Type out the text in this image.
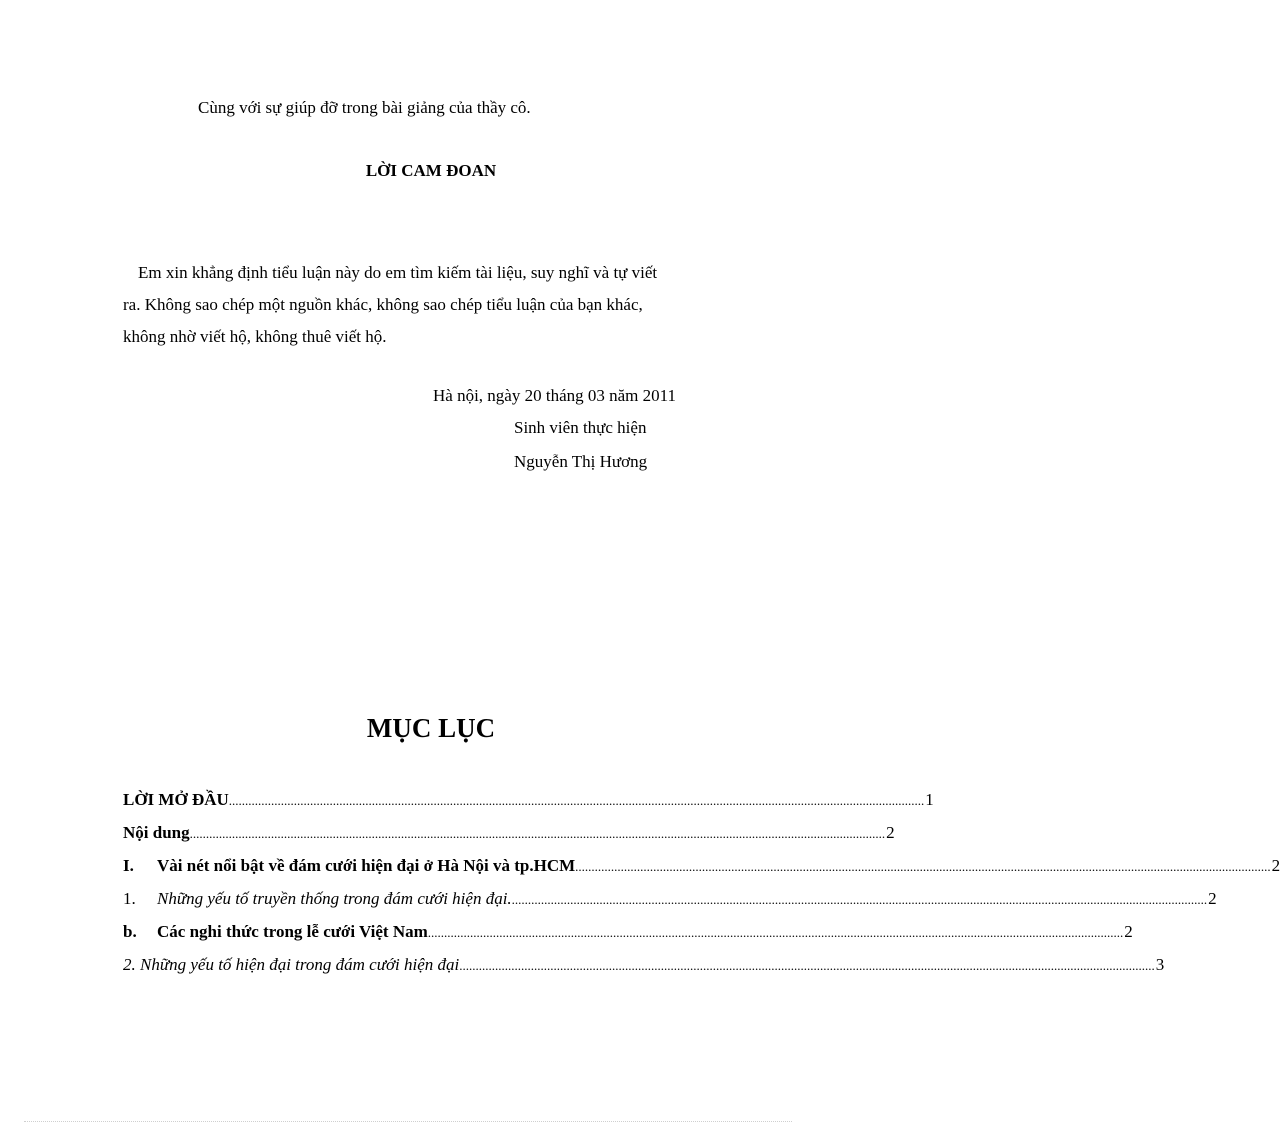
Cùng với sự giúp đỡ trong bài giảng của thầy cô.
LỜI CAM ĐOAN
Em xin khẳng định tiểu luận này do em tìm kiếm tài liệu, suy nghĩ và tự viết
ra. Không sao chép một nguồn khác, không sao chép tiểu luận của bạn khác,
không nhờ viết hộ, không thuê viết hộ.
Hà nội, ngày 20 tháng 03 năm 2011
Sinh viên thực hiện
Nguyễn Thị Hương
MỤC LỤC
LỜI MỞ ĐẦU ...................................................................................................................................................................................................................... 1
Nội dung ...................................................................................................................................................................................................................... 2
I.	Vài nét nổi bật về đám cưới hiện đại ở Hà Nội và tp.HCM ...................................................................................................................................................................................................................... 2
1.	Những yếu tố truyền thống trong đám cưới hiện đại. ...................................................................................................................................................................................................................... 2
b.	Các nghi thức trong lễ cưới Việt Nam ...................................................................................................................................................................................................................... 2
2. Những yếu tố hiện đại trong đám cưới hiện đại ...................................................................................................................................................................................................................... 3
